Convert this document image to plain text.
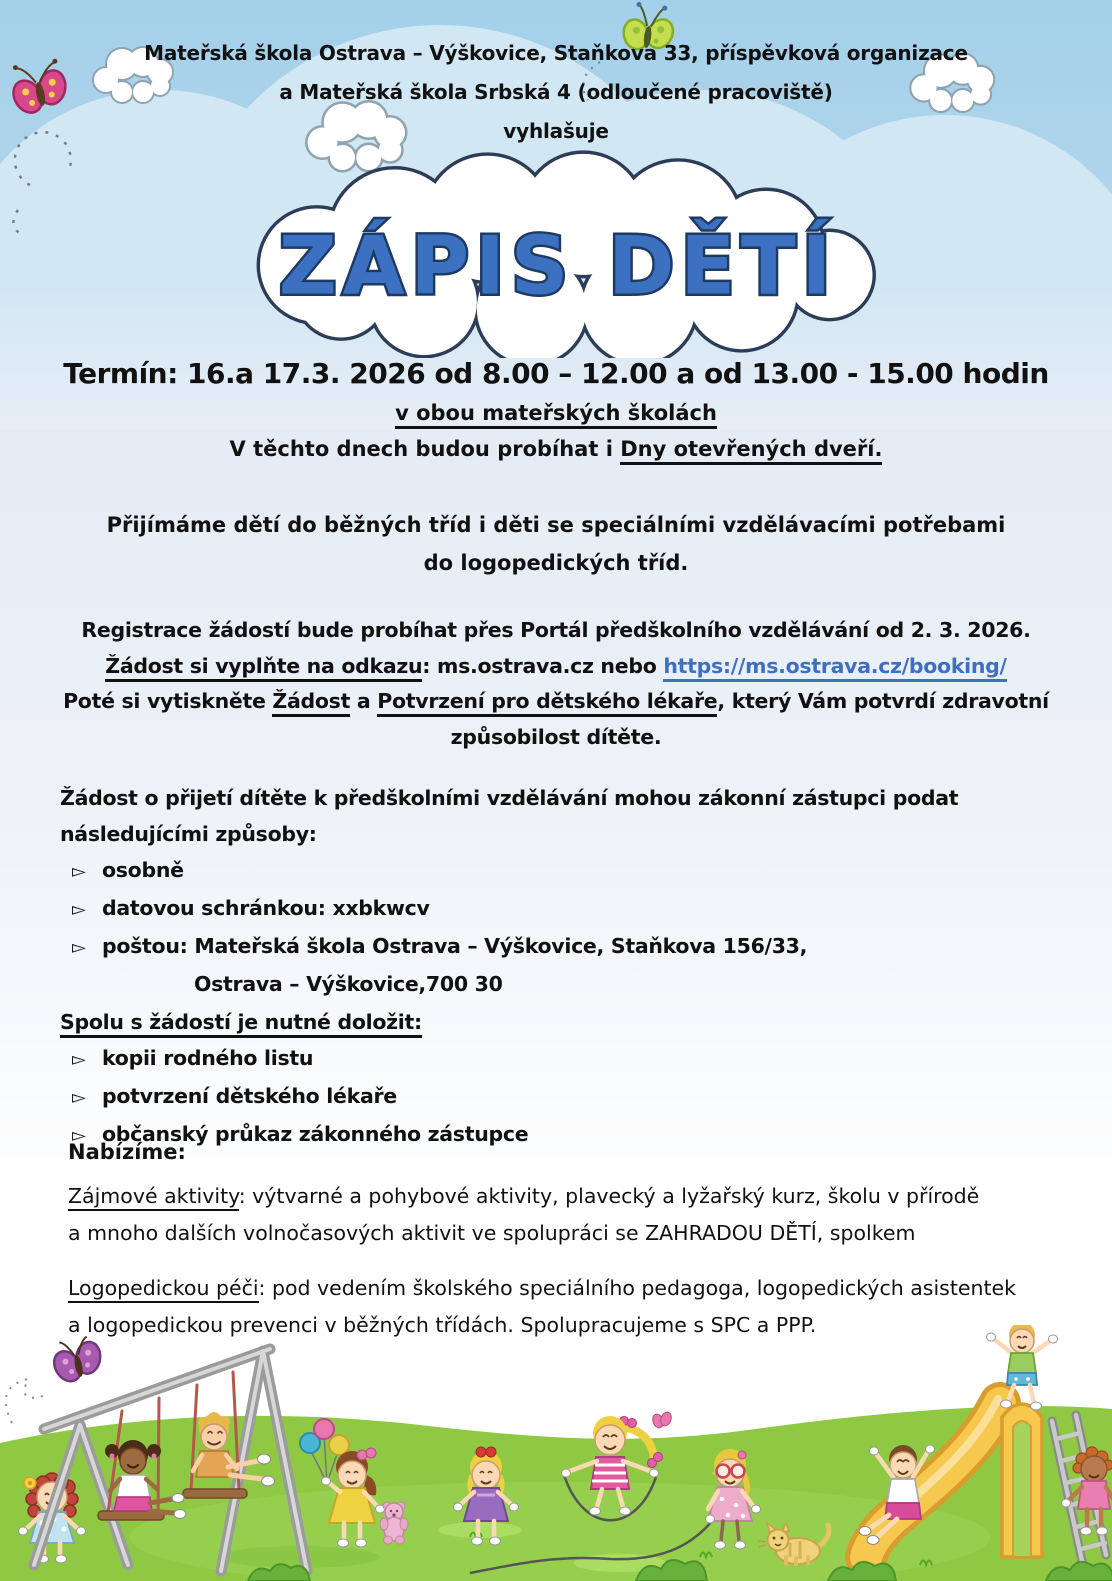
Mateřská škola Ostrava – Výškovice, Staňkova 33, příspěvková organizace
a Mateřská škola Srbská 4 (odloučené pracoviště)
vyhlašuje
ZÁPIS DĚTÍ
Termín: 16.a 17.3. 2026 od 8.00 – 12.00 a od 13.00 - 15.00 hodin
v obou mateřských školách
V těchto dnech budou probíhat i Dny otevřených dveří.
Přijímáme dětí do běžných tříd i děti se speciálními vzdělávacími potřebami
do logopedických tříd.
Registrace žádostí bude probíhat přes Portál předškolního vzdělávání od 2. 3. 2026.
Žádost si vyplňte na odkazu: ms.ostrava.cz nebo https://ms.ostrava.cz/booking/
Poté si vytiskněte Žádost a Potvrzení pro dětského lékaře, který Vám potvrdí zdravotní
způsobilost dítěte.
Žádost o přijetí dítěte k předškolními vzdělávání mohou zákonní zástupci podat
následujícími způsoby:
▻ osobně
▻ datovou schránkou: xxbkwcv
▻ poštou: Mateřská škola Ostrava – Výškovice, Staňkova 156/33,
Ostrava – Výškovice,700 30
Spolu s žádostí je nutné doložit:
▻ kopii rodného listu
▻ potvrzení dětského lékaře
▻ občanský průkaz zákonného zástupce
Nabízíme:
Zájmové aktivity: výtvarné a pohybové aktivity, plavecký a lyžařský kurz, školu v přírodě
a mnoho dalších volnočasových aktivit ve spolupráci se ZAHRADOU DĚTÍ, spolkem
Logopedickou péči: pod vedením školského speciálního pedagoga, logopedických asistentek
a logopedickou prevenci v běžných třídách. Spolupracujeme s SPC a PPP.
